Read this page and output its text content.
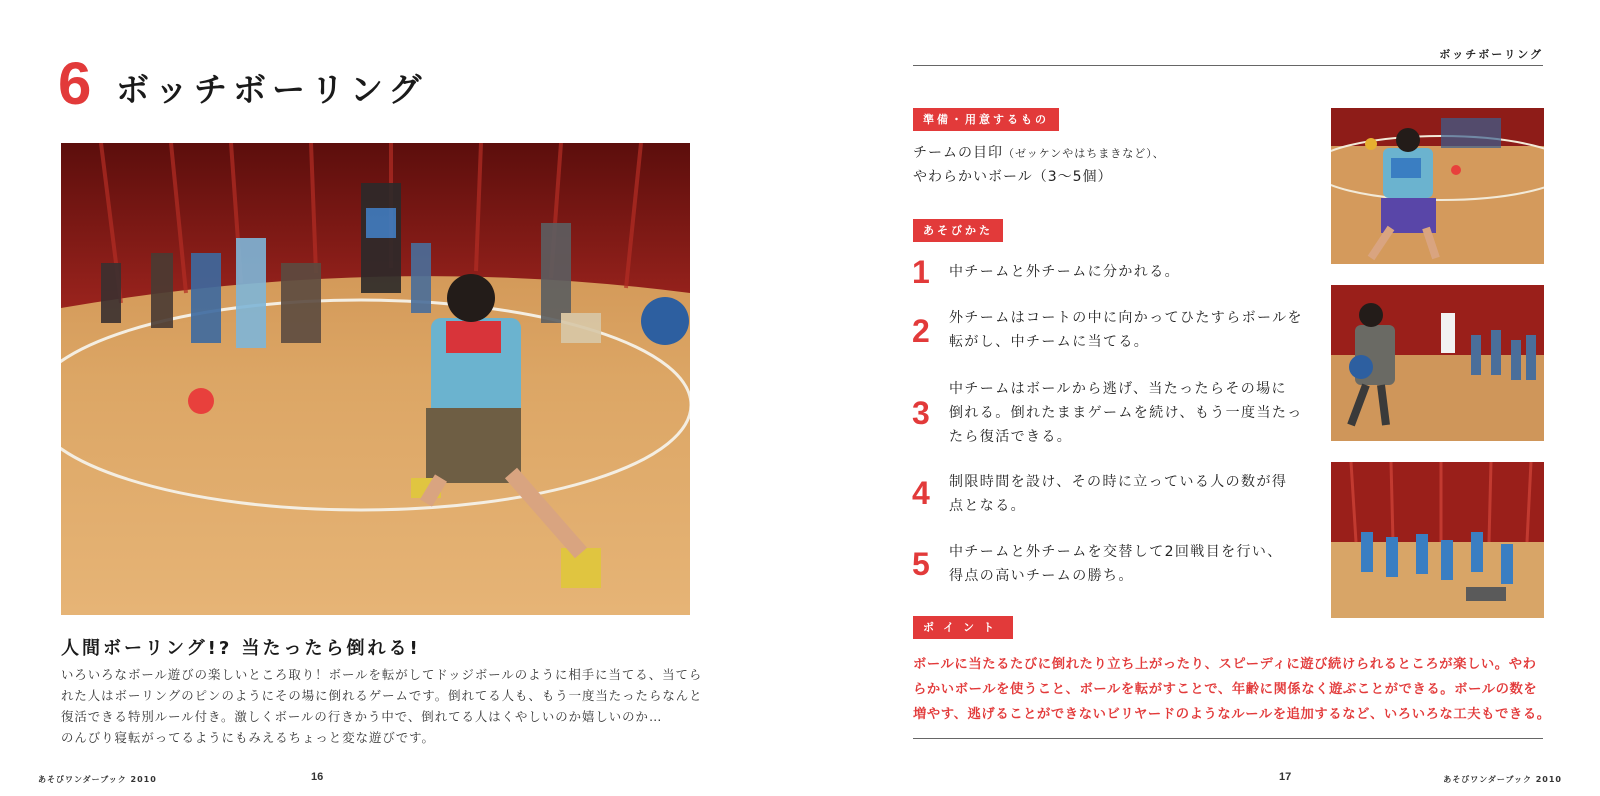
6 ボッチボーリング
人間ボーリング!? 当たったら倒れる!
いろいろなボール遊びの楽しいところ取り！ボールを転がしてドッジボールのように相手に当てる、当てら
れた人はボーリングのピンのようにその場に倒れるゲームです。倒れてる人も、もう一度当たったらなんと
復活できる特別ルール付き。激しくボールの行きかう中で、倒れてる人はくやしいのか嬉しいのか…
のんびり寝転がってるようにもみえるちょっと変な遊びです。
あそびワンダーブック 2010	16
ボッチボーリング
準備・用意するもの
チームの目印（ゼッケンやはちまきなど）、
やわらかいボール（3〜5個）
あそびかた
1 中チームと外チームに分かれる。
2 外チームはコートの中に向かってひたすらボールを
転がし、中チームに当てる。
3
中チームはボールから逃げ、当たったらその場に
倒れる。倒れたままゲームを続け、もう一度当たっ
たら復活できる。
4 制限時間を設け、その時に立っている人の数が得
点となる。
5 中チームと外チームを交替して2回戦目を行い、
得点の高いチームの勝ち。
ポイント
ボールに当たるたびに倒れたり立ち上がったり、スピーディに遊び続けられるところが楽しい。やわ
らかいボールを使うこと、ボールを転がすことで、年齢に関係なく遊ぶことができる。ボールの数を
増やす、逃げることができないビリヤードのようなルールを追加するなど、いろいろな工夫もできる。
17	あそびワンダーブック 2010
